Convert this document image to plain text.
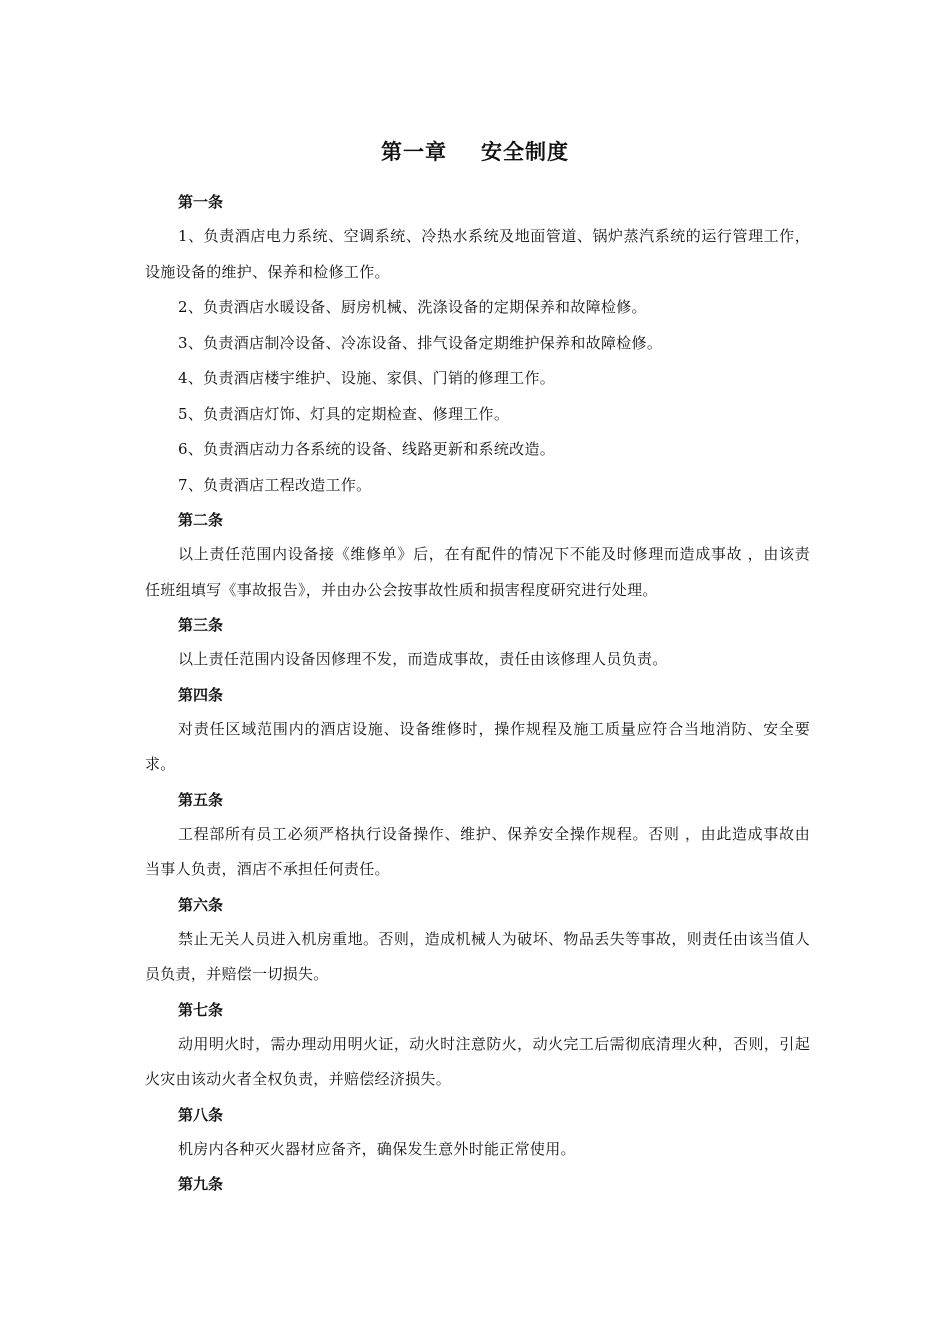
第一章 安全制度

第一条

1、负责酒店电力系统、空调系统、冷热水系统及地面管道、锅炉蒸汽系统的运行管理工作，设施设备的维护、保养和检修工作。

2、负责酒店水暖设备、厨房机械、洗涤设备的定期保养和故障检修。

3、负责酒店制冷设备、冷冻设备、排气设备定期维护保养和故障检修。

4、负责酒店楼宇维护、设施、家俱、门销的修理工作。

5、负责酒店灯饰、灯具的定期检查、修理工作。

6、负责酒店动力各系统的设备、线路更新和系统改造。

7、负责酒店工程改造工作。

第二条

以上责任范围内设备接《维修单》后，在有配件的情况下不能及时修理而造成事故 ，由该责任班组填写《事故报告》，并由办公会按事故性质和损害程度研究进行处理。

第三条

以上责任范围内设备因修理不发，而造成事故，责任由该修理人员负责。

第四条

对责任区域范围内的酒店设施、设备维修时，操作规程及施工质量应符合当地消防、安全要求。

第五条

工程部所有员工必须严格执行设备操作、维护、保养安全操作规程。否则 ，由此造成事故由当事人负责，酒店不承担任何责任。

第六条

禁止无关人员进入机房重地。否则，造成机械人为破坏、物品丢失等事故，则责任由该当值人员负责，并赔偿一切损失。

第七条

动用明火时，需办理动用明火证，动火时注意防火，动火完工后需彻底清理火种，否则，引起火灾由该动火者全权负责，并赔偿经济损失。

第八条

机房内各种灭火器材应备齐，确保发生意外时能正常使用。

第九条
